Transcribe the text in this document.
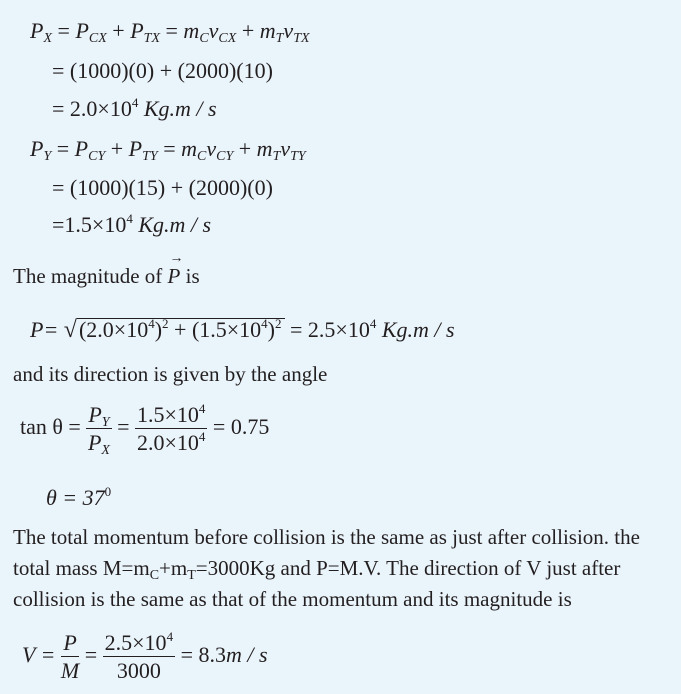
$P_X = P_{CX} + P_{TX} = m_Cv_{CX} + m_Tv_{TX}$
= (1000)(0) + (2000)(10)
= $2.0\times 10^4$ Kg.m / s
$P_Y = P_{CY} + P_{TY} = m_Cv_{CY} + m_Tv_{TY}$
= (1000)(15) + (2000)(0)
$=1.5\times 10^4$ Kg.m / s
The magnitude of
→
P is
$P= √(2.0\times 10^4)^2 + (1.5\times 10^4)^2 = 2.5\times 10^4$ Kg.m / s
and its direction is given by the angle
$\tan \theta = \frac{P_Y}{P_X} = \frac{1.5\times 10^4}{2.0\times 10^4} = 0.75$
$\theta = 37^0$
The total momentum before collision is the same as just after collision. the total mass $M=m_C+m_T=3000Kg$ and P=M.V. The direction of V just after collision is the same as that of the momentum and its magnitude is
$V = \frac{P}{M} = \frac{2.5\times 10^4}{3000} = 8.3m / s$
